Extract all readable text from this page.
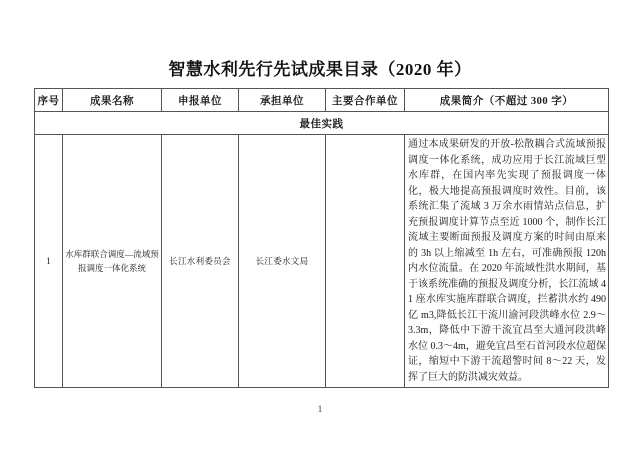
智慧水利先行先试成果目录（2020 年）
序号	成果名称	申报单位	承担单位	主要合作单位	成果简介（不超过 300 字）
最佳实践					
1	水库群联合调度—流域预报调度一体化系统	长江水利委员会	长江委水文局		通过本成果研发的开放-松散耦合式流域预报调度一体化系统，成功应用于长江流域巨型水库群，在国内率先实现了预报调度一体化，极大地提高预报调度时效性。目前，该系统汇集了流域 3 万余水雨情站点信息，扩充预报调度计算节点至近 1000 个，制作长江流域主要断面预报及调度方案的时间由原来的 3h 以上缩减至 1h 左右，可准确预报 120h 内水位流量。在 2020 年流域性洪水期间，基于该系统准确的预报及调度分析，长江流域 41 座水库实施库群联合调度，拦蓄洪水约 490 亿 m3,降低长江干流川渝河段洪峰水位 2.9～3.3m，降低中下游干流宜昌至大通河段洪峰水位 0.3～4m，避免宜昌至石首河段水位超保证，缩短中下游干流超警时间 8～22 天，发挥了巨大的防洪减灾效益。
1
